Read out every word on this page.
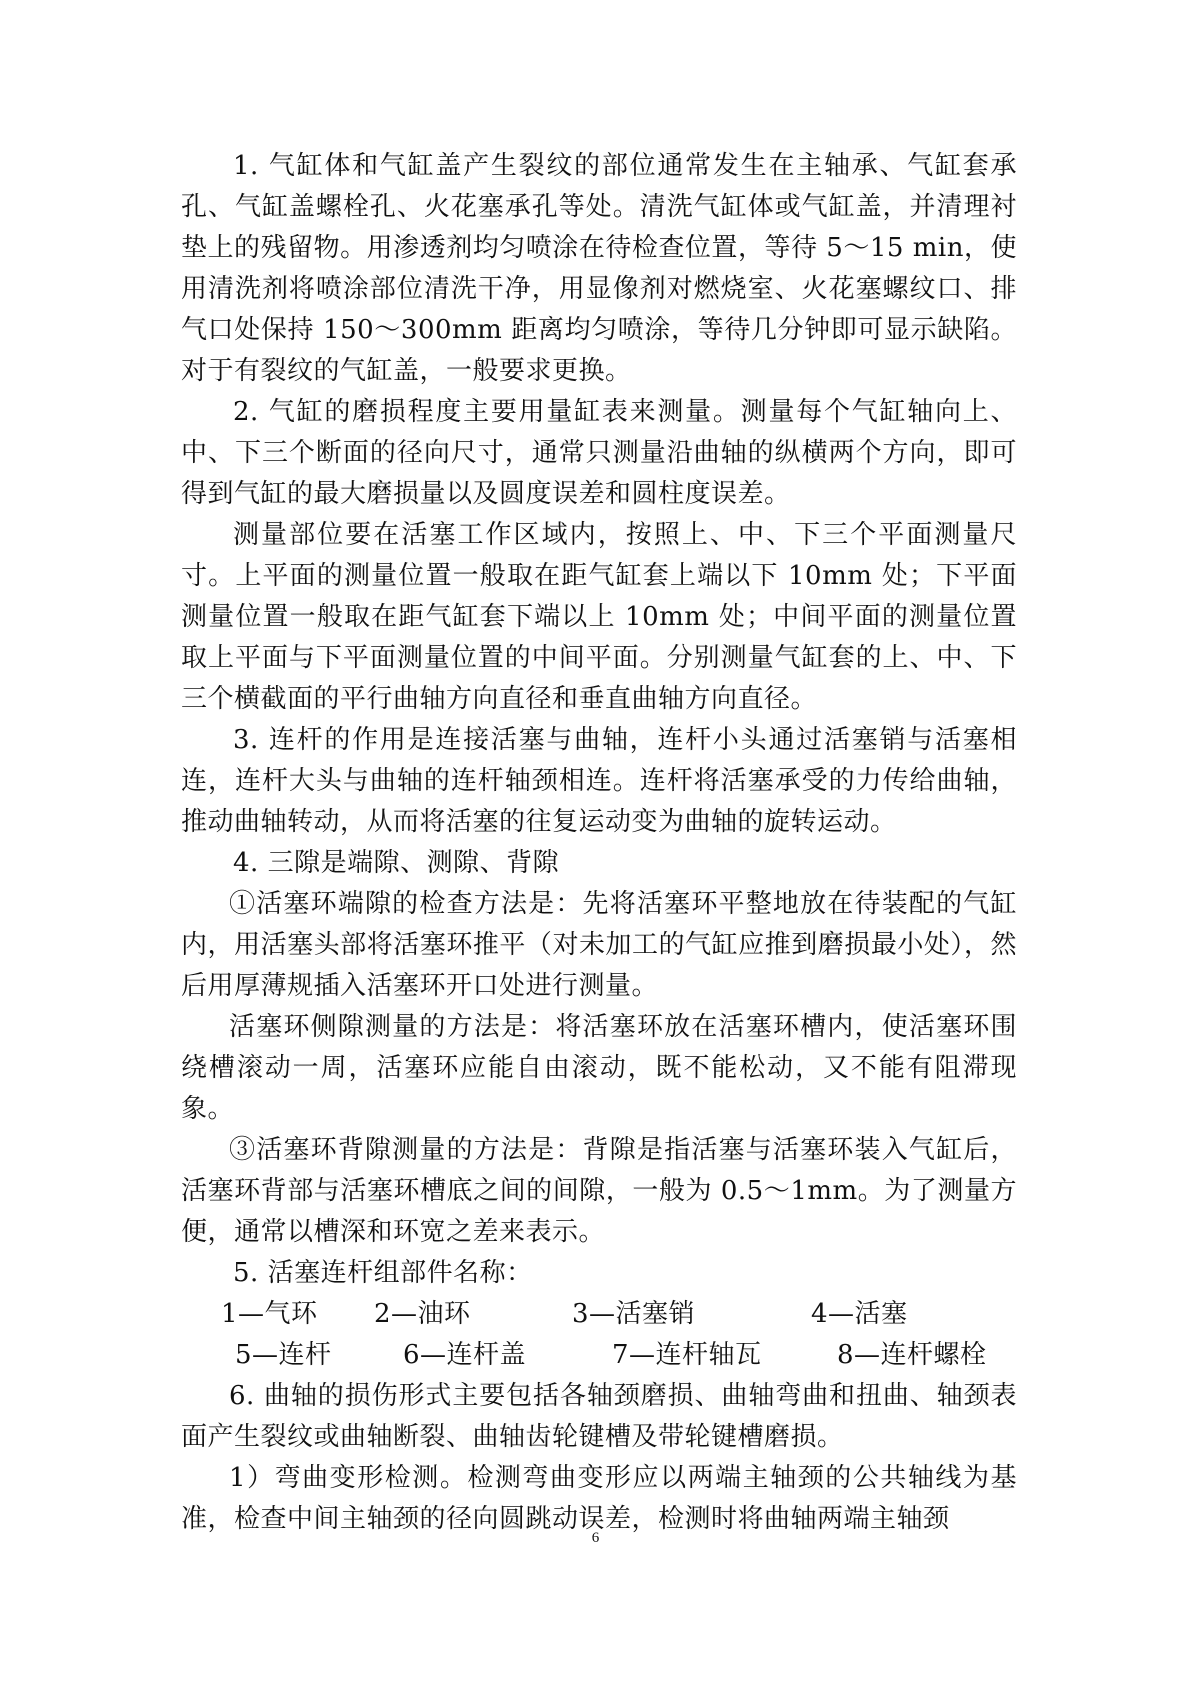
1. 气缸体和气缸盖产生裂纹的部位通常发生在主轴承、气缸套承孔、气缸盖螺栓孔、火花塞承孔等处。清洗气缸体或气缸盖，并清理衬垫上的残留物。用渗透剂均匀喷涂在待检查位置，等待 5～15 min，使用清洗剂将喷涂部位清洗干净，用显像剂对燃烧室、火花塞螺纹口、排气口处保持 150～300mm 距离均匀喷涂，等待几分钟即可显示缺陷。对于有裂纹的气缸盖，一般要求更换。

2. 气缸的磨损程度主要用量缸表来测量。测量每个气缸轴向上、中、下三个断面的径向尺寸，通常只测量沿曲轴的纵横两个方向，即可得到气缸的最大磨损量以及圆度误差和圆柱度误差。

测量部位要在活塞工作区域内，按照上、中、下三个平面测量尺寸。上平面的测量位置一般取在距气缸套上端以下 10mm 处；下平面测量位置一般取在距气缸套下端以上 10mm 处；中间平面的测量位置取上平面与下平面测量位置的中间平面。分别测量气缸套的上、中、下三个横截面的平行曲轴方向直径和垂直曲轴方向直径。

3. 连杆的作用是连接活塞与曲轴，连杆小头通过活塞销与活塞相连，连杆大头与曲轴的连杆轴颈相连。连杆将活塞承受的力传给曲轴，推动曲轴转动，从而将活塞的往复运动变为曲轴的旋转运动。

4. 三隙是端隙、测隙、背隙

①活塞环端隙的检查方法是：先将活塞环平整地放在待装配的气缸内，用活塞头部将活塞环推平（对未加工的气缸应推到磨损最小处），然后用厚薄规插入活塞环开口处进行测量。

活塞环侧隙测量的方法是：将活塞环放在活塞环槽内，使活塞环围绕槽滚动一周，活塞环应能自由滚动，既不能松动，又不能有阻滞现象。

③活塞环背隙测量的方法是：背隙是指活塞与活塞环装入气缸后，活塞环背部与活塞环槽底之间的间隙，一般为 0.5～1mm。为了测量方便，通常以槽深和环宽之差来表示。

5. 活塞连杆组部件名称：

1—气环	2—油环	3—活塞销	4—活塞
5—连杆	6—连杆盖	7—连杆轴瓦	8—连杆螺栓

6. 曲轴的损伤形式主要包括各轴颈磨损、曲轴弯曲和扭曲、轴颈表面产生裂纹或曲轴断裂、曲轴齿轮键槽及带轮键槽磨损。

1）弯曲变形检测。检测弯曲变形应以两端主轴颈的公共轴线为基准，检查中间主轴颈的径向圆跳动误差，检测时将曲轴两端主轴颈

6
